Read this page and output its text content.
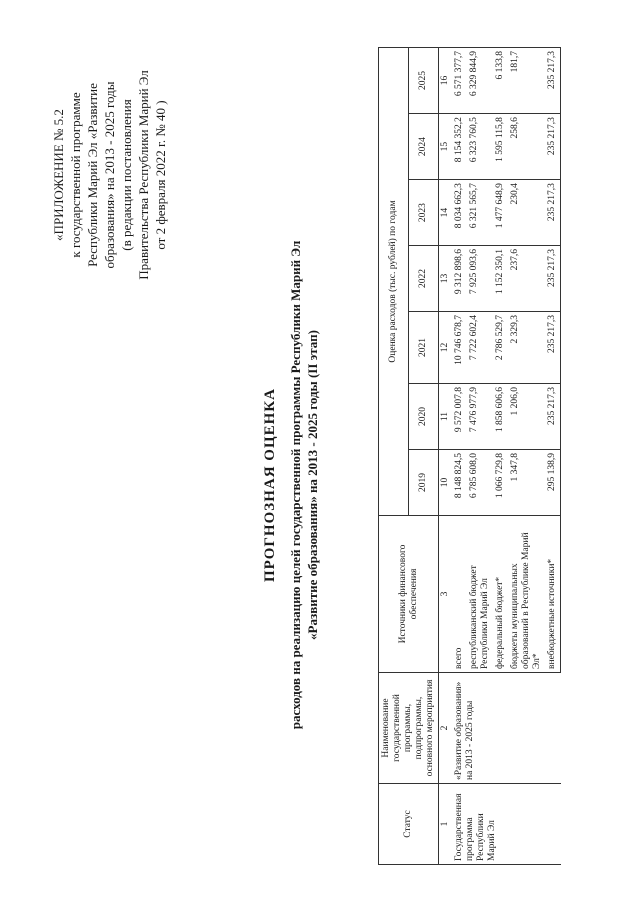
«ПРИЛОЖЕНИЕ № 5.2 к государственной программе Республики Марий Эл «Развитие образования» на 2013 - 2025 годы (в редакции постановления Правительства Республики Марий Эл от 2 февраля 2022 г. № 40 )
ПРОГНОЗНАЯ ОЦЕНКА расходов на реализацию целей государственной программы Республики Марий Эл «Развитие образования» на 2013 - 2025 годы (II этап)
Статус	Наименование государственной программы, подпрограммы, основного мероприятия	Источники финансового обеспечения	Оценка расходов (тыс. рублей) по годам						
			2019	2020	2021	2022	2023	2024	2025
1	2	3	10	11	12	13	14	15	16
Государственная программа Республики Марий Эл	«Развитие образования» на 2013 - 2025 годы	всего	8 148 824,5	9 572 007,8	10 746 678,7	9 312 898,6	8 034 662,3	8 154 352,2	6 571 377,7
		республиканский бюджет Республики Марий Эл	6 785 608,0	7 476 977,9	7 722 602,4	7 925 093,6	6 321 565,7	6 323 760,5	6 329 844,9
		федеральный бюджет*	1 066 729,8	1 858 606,6	2 786 529,7	1 152 350,1	1 477 648,9	1 595 115,8	6 133,8
		бюджеты муниципальных образований в Республике Марий Эл*	1 347,8	1 206,0	2 329,3	237,6	230,4	258,6	181,7
		внебюджетные источники*	295 138,9	235 217,3	235 217,3	235 217,3	235 217,3	235 217,3	235 217,3
